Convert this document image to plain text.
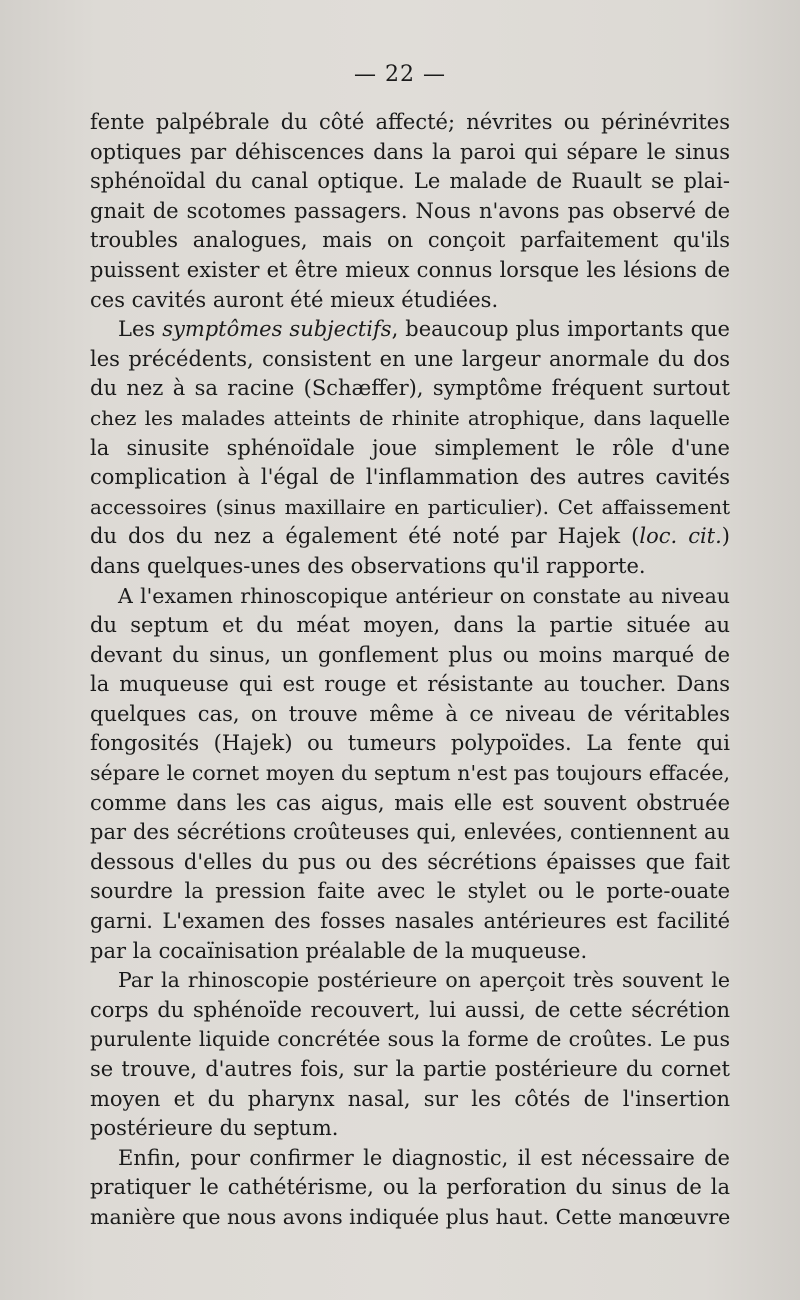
— 22 —
fente palpébrale du côté affecté; névrites ou périnévrites
optiques par déhiscences dans la paroi qui sépare le sinus
sphénoïdal du canal optique. Le malade de Ruault se plai-
gnait de scotomes passagers. Nous n'avons pas observé de
troubles analogues, mais on conçoit parfaitement qu'ils
puissent exister et être mieux connus lorsque les lésions de
ces cavités auront été mieux étudiées.
Les symptômes subjectifs, beaucoup plus importants que
les précédents, consistent en une largeur anormale du dos
du nez à sa racine (Schæffer), symptôme fréquent surtout
chez les malades atteints de rhinite atrophique, dans laquelle
la sinusite sphénoïdale joue simplement le rôle d'une
complication à l'égal de l'inflammation des autres cavités
accessoires (sinus maxillaire en particulier). Cet affaissement
du dos du nez a également été noté par Hajek (loc. cit.)
dans quelques-unes des observations qu'il rapporte.
A l'examen rhinoscopique antérieur on constate au niveau
du septum et du méat moyen, dans la partie située au
devant du sinus, un gonflement plus ou moins marqué de
la muqueuse qui est rouge et résistante au toucher. Dans
quelques cas, on trouve même à ce niveau de véritables
fongosités (Hajek) ou tumeurs polypoïdes. La fente qui
sépare le cornet moyen du septum n'est pas toujours effacée,
comme dans les cas aigus, mais elle est souvent obstruée
par des sécrétions croûteuses qui, enlevées, contiennent au
dessous d'elles du pus ou des sécrétions épaisses que fait
sourdre la pression faite avec le stylet ou le porte-ouate
garni. L'examen des fosses nasales antérieures est facilité
par la cocaïnisation préalable de la muqueuse.
Par la rhinoscopie postérieure on aperçoit très souvent le
corps du sphénoïde recouvert, lui aussi, de cette sécrétion
purulente liquide concrétée sous la forme de croûtes. Le pus
se trouve, d'autres fois, sur la partie postérieure du cornet
moyen et du pharynx nasal, sur les côtés de l'insertion
postérieure du septum.
Enfin, pour confirmer le diagnostic, il est nécessaire de
pratiquer le cathétérisme, ou la perforation du sinus de la
manière que nous avons indiquée plus haut. Cette manœuvre
